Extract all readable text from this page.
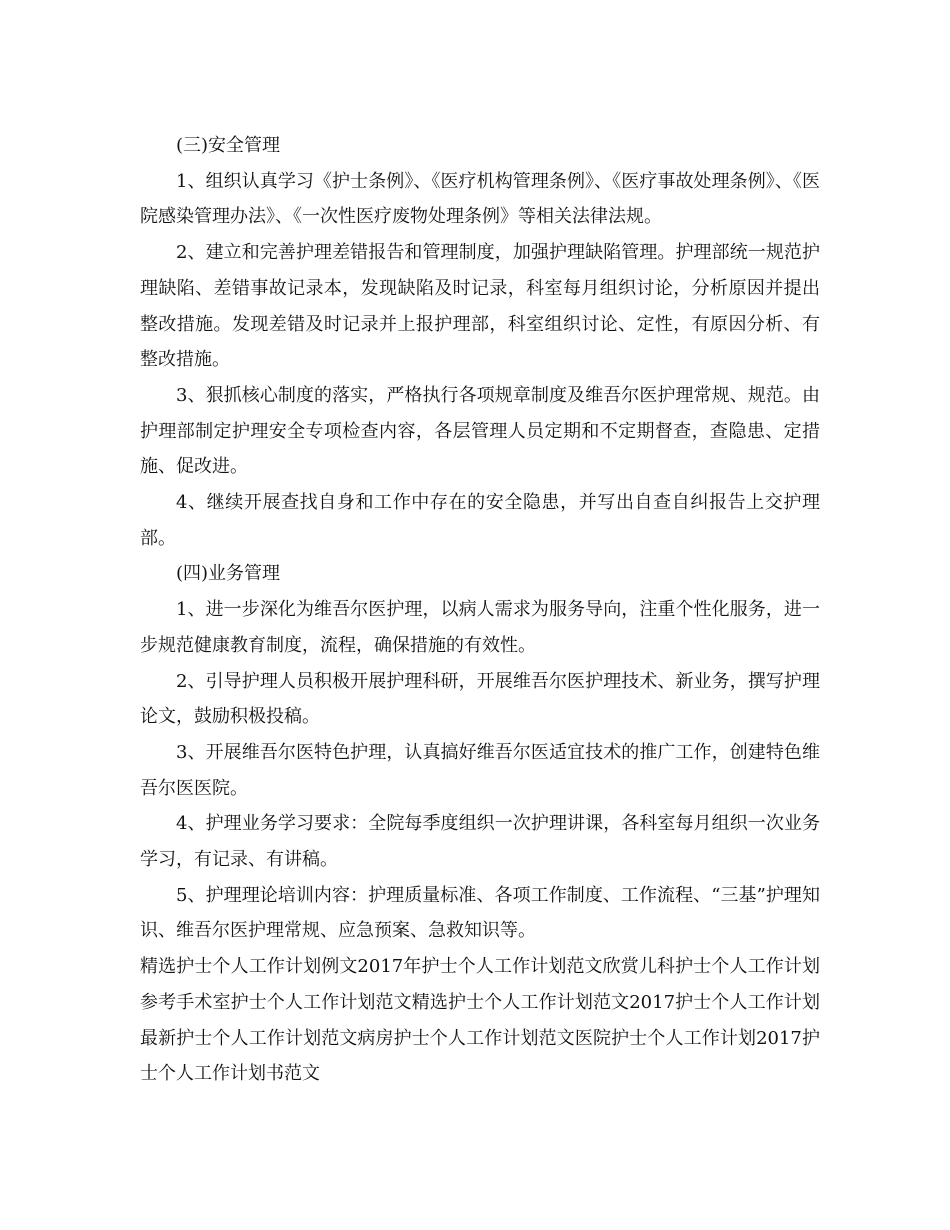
(三)安全管理

1、组织认真学习《护士条例》、《医疗机构管理条例》、《医疗事故处理条例》、《医院感染管理办法》、《一次性医疗废物处理条例》等相关法律法规。

2、建立和完善护理差错报告和管理制度，加强护理缺陷管理。护理部统一规范护理缺陷、差错事故记录本，发现缺陷及时记录，科室每月组织讨论，分析原因并提出整改措施。发现差错及时记录并上报护理部，科室组织讨论、定性，有原因分析、有整改措施。

3、狠抓核心制度的落实，严格执行各项规章制度及维吾尔医护理常规、规范。由护理部制定护理安全专项检查内容，各层管理人员定期和不定期督查，查隐患、定措施、促改进。

4、继续开展查找自身和工作中存在的安全隐患，并写出自查自纠报告上交护理部。

(四)业务管理

1、进一步深化为维吾尔医护理，以病人需求为服务导向，注重个性化服务，进一步规范健康教育制度，流程，确保措施的有效性。

2、引导护理人员积极开展护理科研，开展维吾尔医护理技术、新业务，撰写护理论文，鼓励积极投稿。

3、开展维吾尔医特色护理，认真搞好维吾尔医适宜技术的推广工作，创建特色维吾尔医医院。

4、护理业务学习要求：全院每季度组织一次护理讲课，各科室每月组织一次业务学习，有记录、有讲稿。

5、护理理论培训内容：护理质量标准、各项工作制度、工作流程、“三基”护理知识、维吾尔医护理常规、应急预案、急救知识等。

精选护士个人工作计划例文2017年护士个人工作计划范文欣赏儿科护士个人工作计划参考手术室护士个人工作计划范文精选护士个人工作计划范文2017护士个人工作计划最新护士个人工作计划范文病房护士个人工作计划范文医院护士个人工作计划2017护士个人工作计划书范文
